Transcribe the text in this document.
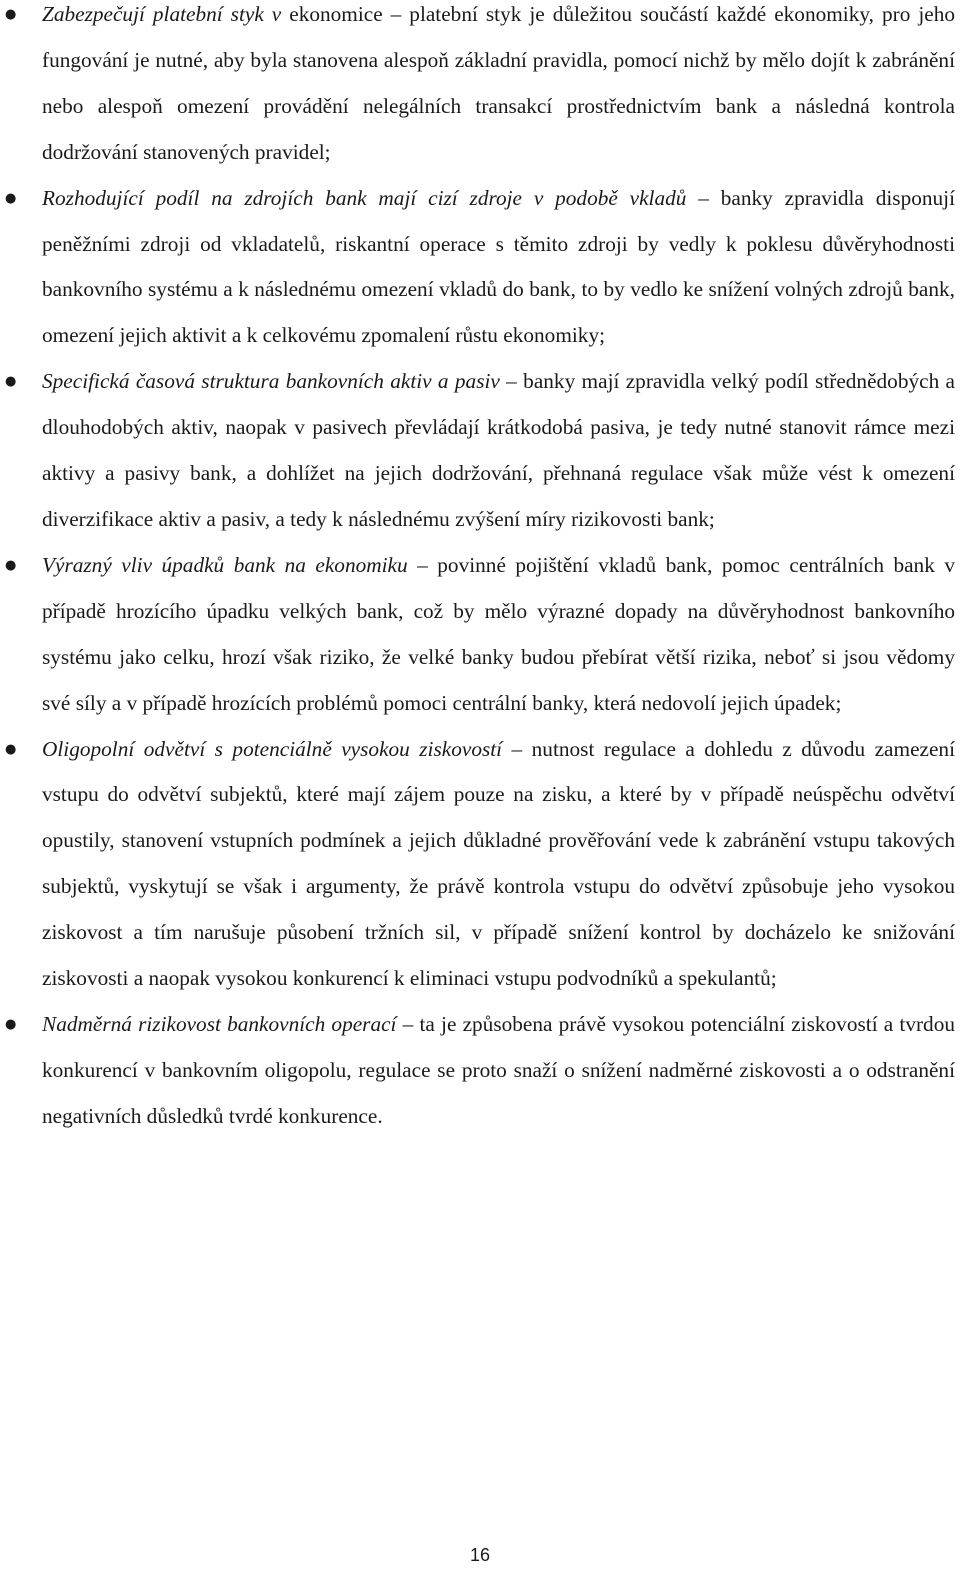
● Zabezpečují platební styk v ekonomice – platební styk je důležitou součástí každé ekonomiky, pro jeho fungování je nutné, aby byla stanovena alespoň základní pravidla, pomocí nichž by mělo dojít k zabránění nebo alespoň omezení provádění nelegálních transakcí prostřednictvím bank a následná kontrola dodržování stanovených pravidel;
● Rozhodující podíl na zdrojích bank mají cizí zdroje v podobě vkladů – banky zpravidla disponují peněžními zdroji od vkladatelů, riskantní operace s těmito zdroji by vedly k poklesu důvěryhodnosti bankovního systému a k následnému omezení vkladů do bank, to by vedlo ke snížení volných zdrojů bank, omezení jejich aktivit a k celkovému zpomalení růstu ekonomiky;
● Specifická časová struktura bankovních aktiv a pasiv – banky mají zpravidla velký podíl střednědobých a dlouhodobých aktiv, naopak v pasivech převládají krátkodobá pasiva, je tedy nutné stanovit rámce mezi aktivy a pasivy bank, a dohlížet na jejich dodržování, přehnaná regulace však může vést k omezení diverzifikace aktiv a pasiv, a tedy k následnému zvýšení míry rizikovosti bank;
● Výrazný vliv úpadků bank na ekonomiku – povinné pojištění vkladů bank, pomoc centrálních bank v případě hrozícího úpadku velkých bank, což by mělo výrazné dopady na důvěryhodnost bankovního systému jako celku, hrozí však riziko, že velké banky budou přebírat větší rizika, neboť si jsou vědomy své síly a v případě hrozících problémů pomoci centrální banky, která nedovolí jejich úpadek;
● Oligopolní odvětví s potenciálně vysokou ziskovostí – nutnost regulace a dohledu z důvodu zamezení vstupu do odvětví subjektů, které mají zájem pouze na zisku, a které by v případě neúspěchu odvětví opustily, stanovení vstupních podmínek a jejich důkladné prověřování vede k zabránění vstupu takových subjektů, vyskytují se však i argumenty, že právě kontrola vstupu do odvětví způsobuje jeho vysokou ziskovost a tím narušuje působení tržních sil, v případě snížení kontrol by docházelo ke snižování ziskovosti a naopak vysokou konkurencí k eliminaci vstupu podvodníků a spekulantů;
● Nadměrná rizikovost bankovních operací – ta je způsobena právě vysokou potenciální ziskovostí a tvrdou konkurencí v bankovním oligopolu, regulace se proto snaží o snížení nadměrné ziskovosti a o odstranění negativních důsledků tvrdé konkurence.
16
